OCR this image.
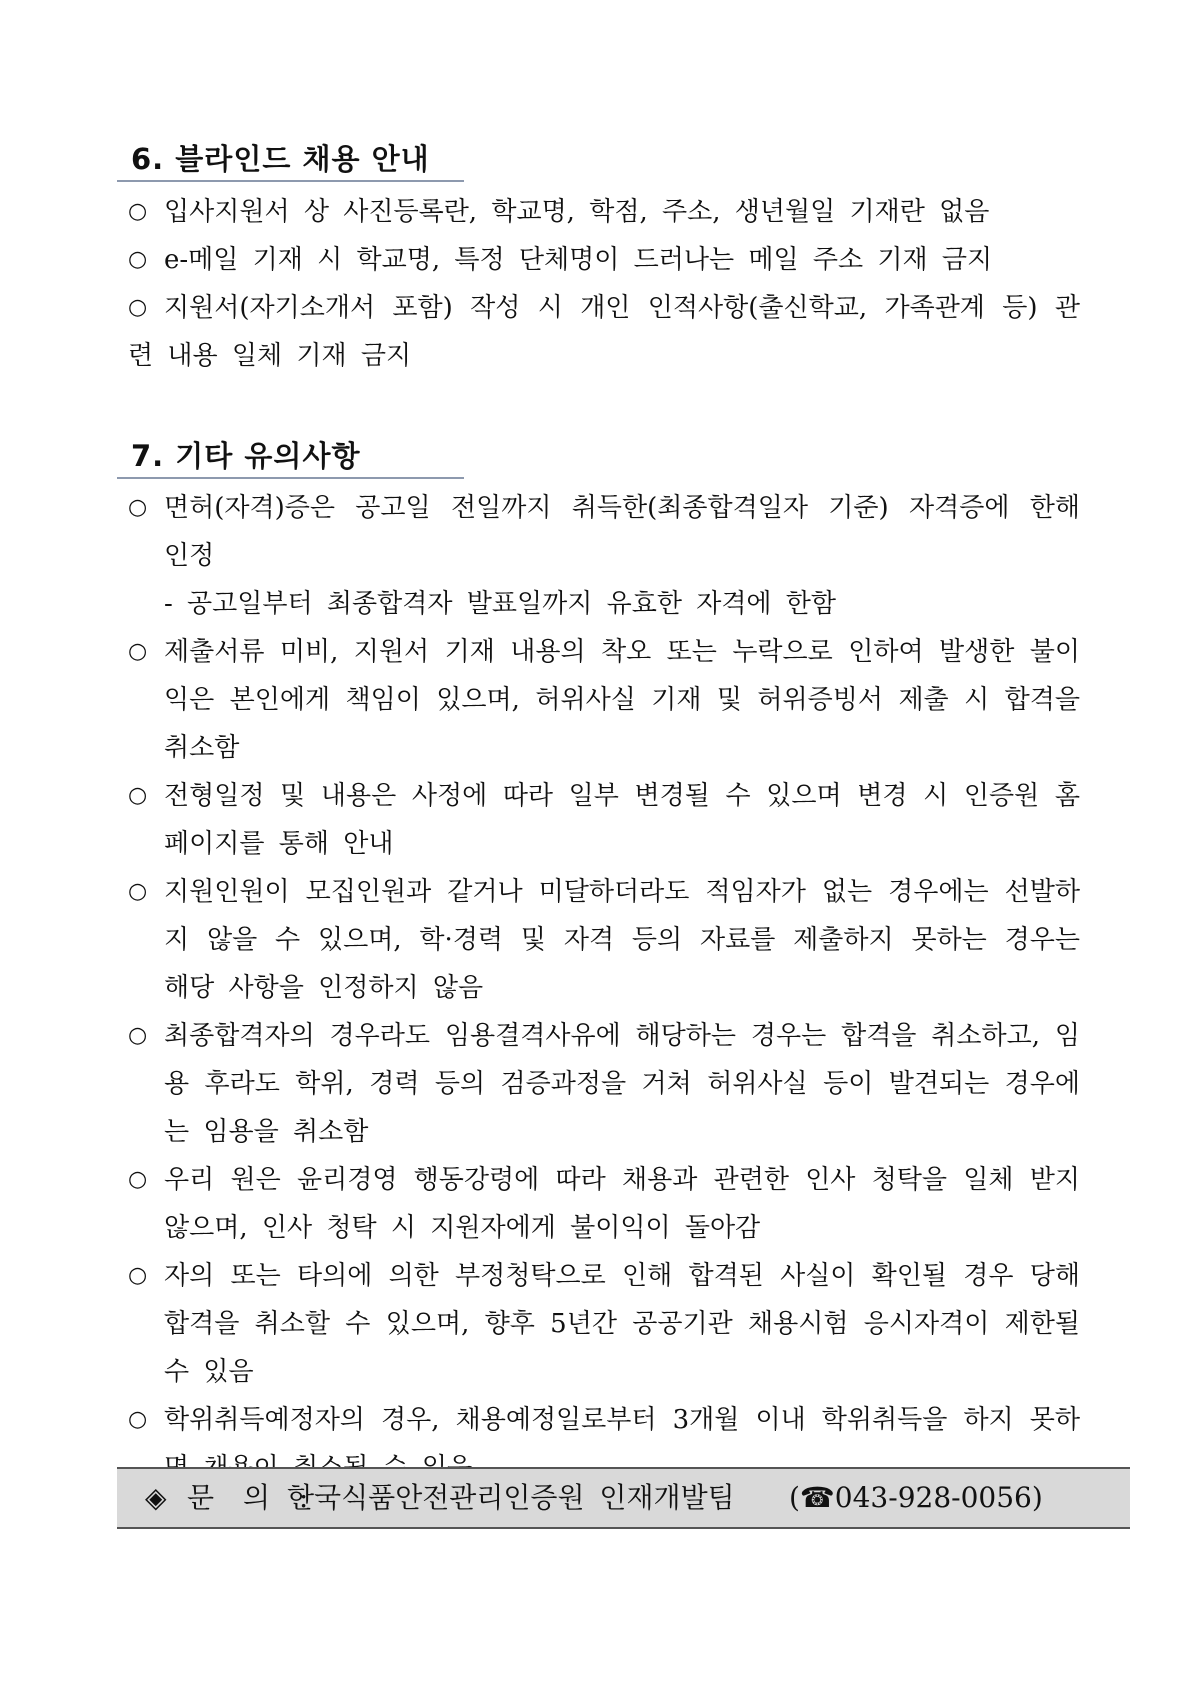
6. 블라인드 채용 안내
○ 입사지원서 상 사진등록란, 학교명, 학점, 주소, 생년월일 기재란 없음
○ e-메일 기재 시 학교명, 특정 단체명이 드러나는 메일 주소 기재 금지
○ 지원서(자기소개서 포함) 작성 시 개인 인적사항(출신학교, 가족관계 등) 관련 내용 일체 기재 금지
7. 기타 유의사항
○ 면허(자격)증은 공고일 전일까지 취득한(최종합격일자 기준) 자격증에 한해 인정
- 공고일부터 최종합격자 발표일까지 유효한 자격에 한함
○ 제출서류 미비, 지원서 기재 내용의 착오 또는 누락으로 인하여 발생한 불이익은 본인에게 책임이 있으며, 허위사실 기재 및 허위증빙서 제출 시 합격을 취소함
○ 전형일정 및 내용은 사정에 따라 일부 변경될 수 있으며 변경 시 인증원 홈페이지를 통해 안내
○ 지원인원이 모집인원과 같거나 미달하더라도 적임자가 없는 경우에는 선발하지 않을 수 있으며, 학·경력 및 자격 등의 자료를 제출하지 못하는 경우는 해당 사항을 인정하지 않음
○ 최종합격자의 경우라도 임용결격사유에 해당하는 경우는 합격을 취소하고, 임용 후라도 학위, 경력 등의 검증과정을 거쳐 허위사실 등이 발견되는 경우에는 임용을 취소함
○ 우리 원은 윤리경영 행동강령에 따라 채용과 관련한 인사 청탁을 일체 받지 않으며, 인사 청탁 시 지원자에게 불이익이 돌아감
○ 자의 또는 타의에 의한 부정청탁으로 인해 합격된 사실이 확인될 경우 당해 합격을 취소할 수 있으며, 향후 5년간 공공기관 채용시험 응시자격이 제한될 수 있음
○ 학위취득예정자의 경우, 채용예정일로부터 3개월 이내 학위취득을 하지 못하
◈ 문 의 :
한국식품안전관리인증원 인재개발팀 (☎043-928-0056)
